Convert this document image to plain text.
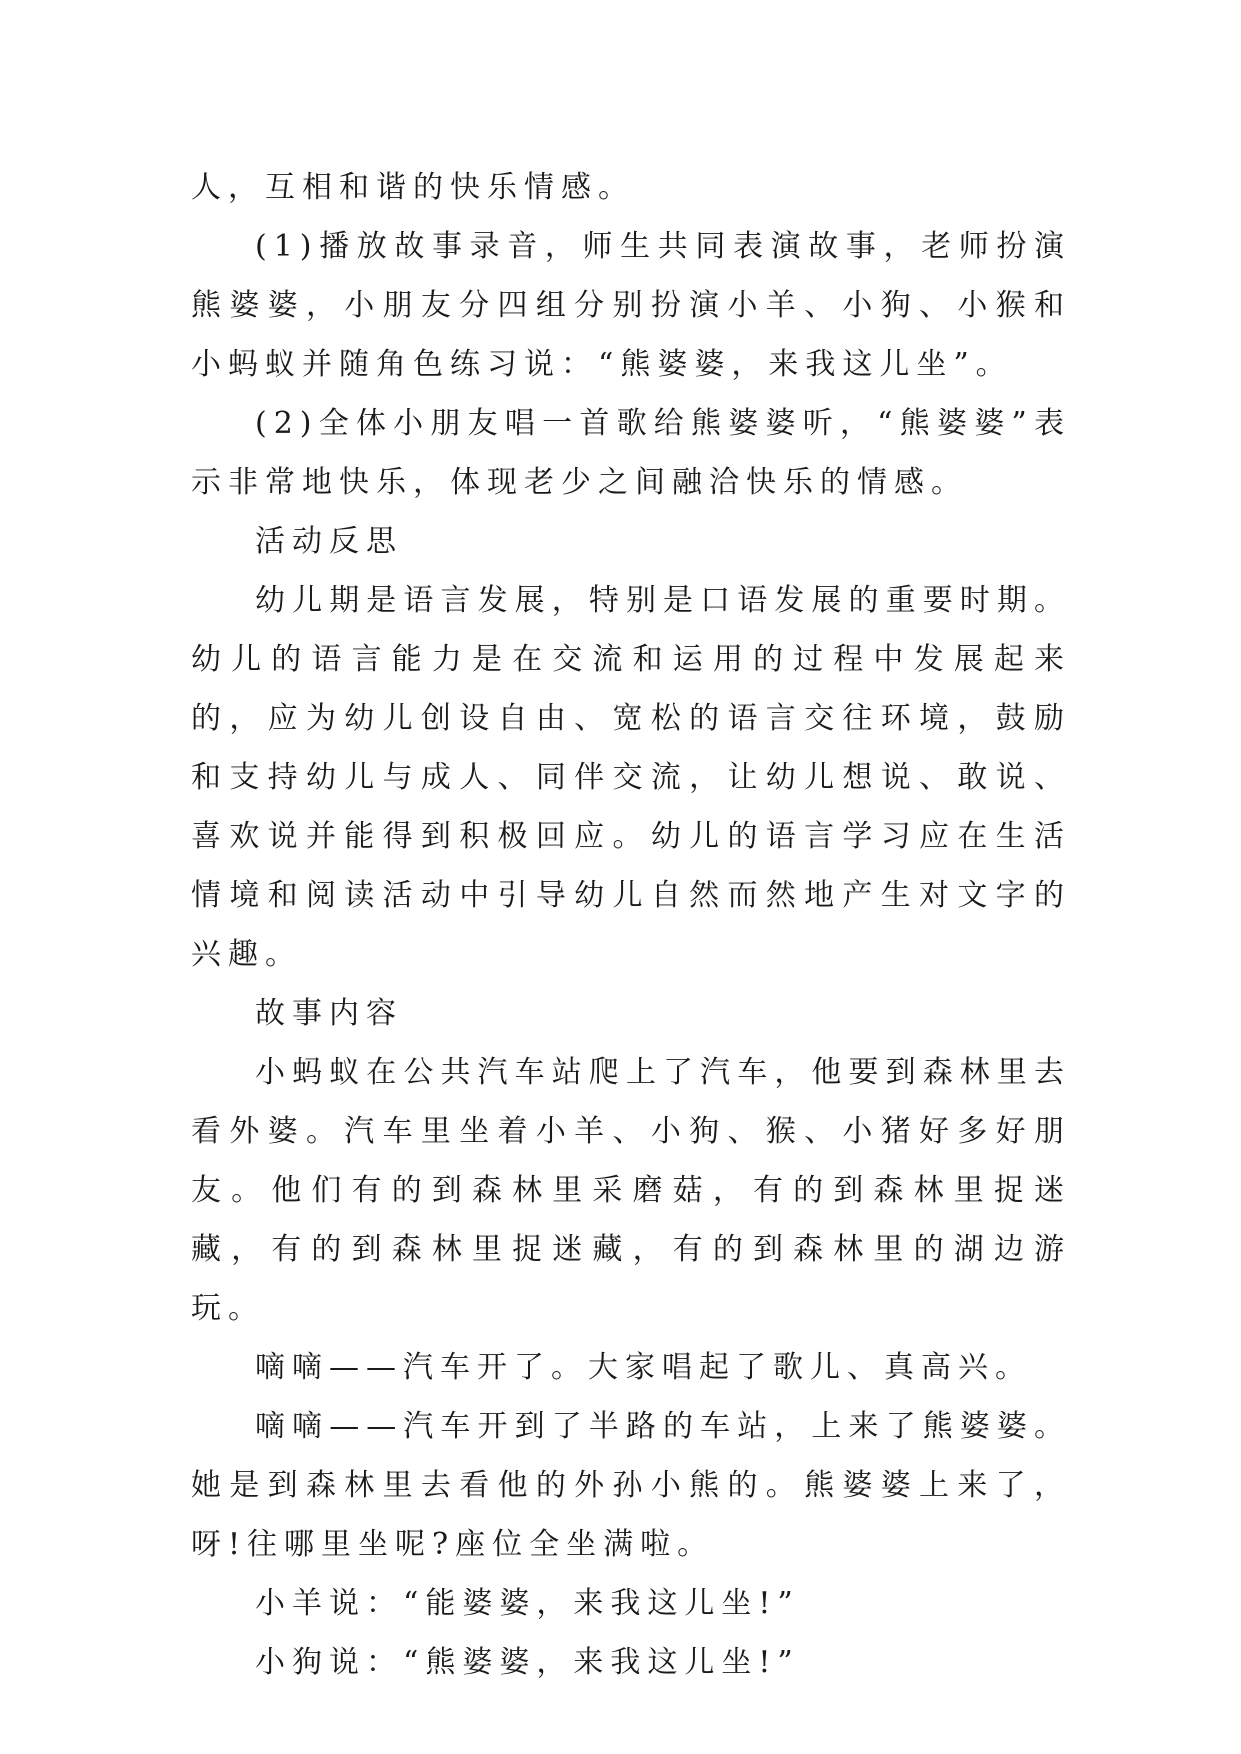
人，互相和谐的快乐情感。

(1)播放故事录音，师生共同表演故事，老师扮演熊婆婆，小朋友分四组分别扮演小羊、小狗、小猴和小蚂蚁并随角色练习说：“熊婆婆，来我这儿坐”。

(2)全体小朋友唱一首歌给熊婆婆听，“熊婆婆”表示非常地快乐，体现老少之间融洽快乐的情感。

活动反思

幼儿期是语言发展，特别是口语发展的重要时期。幼儿的语言能力是在交流和运用的过程中发展起来的，应为幼儿创设自由、宽松的语言交往环境，鼓励和支持幼儿与成人、同伴交流，让幼儿想说、敢说、喜欢说并能得到积极回应。幼儿的语言学习应在生活情境和阅读活动中引导幼儿自然而然地产生对文字的兴趣。

故事内容

小蚂蚁在公共汽车站爬上了汽车，他要到森林里去看外婆。汽车里坐着小羊、小狗、猴、小猪好多好朋友。他们有的到森林里采磨菇，有的到森林里捉迷藏，有的到森林里捉迷藏，有的到森林里的湖边游玩。

嘀嘀——汽车开了。大家唱起了歌儿、真高兴。

嘀嘀——汽车开到了半路的车站，上来了熊婆婆。她是到森林里去看他的外孙小熊的。熊婆婆上来了，呀!往哪里坐呢?座位全坐满啦。

小羊说：“能婆婆，来我这儿坐!”

小狗说：“熊婆婆，来我这儿坐!”
